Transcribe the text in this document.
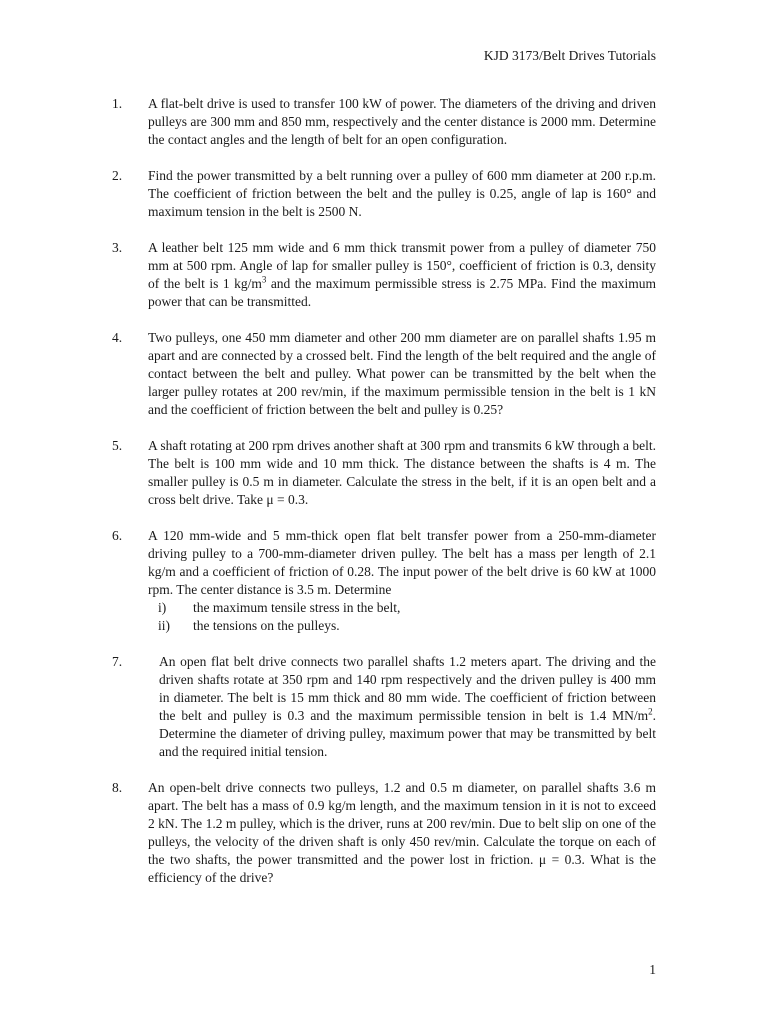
KJD 3173/Belt Drives Tutorials
1.	A flat-belt drive is used to transfer 100 kW of power. The diameters of the driving and driven pulleys are 300 mm and 850 mm, respectively and the center distance is 2000 mm. Determine the contact angles and the length of belt for an open configuration.
2.	Find the power transmitted by a belt running over a pulley of 600 mm diameter at 200 r.p.m. The coefficient of friction between the belt and the pulley is 0.25, angle of lap is 160° and maximum tension in the belt is 2500 N.
3.	A leather belt 125 mm wide and 6 mm thick transmit power from a pulley of diameter 750 mm at 500 rpm. Angle of lap for smaller pulley is 150°, coefficient of friction is 0.3, density of the belt is 1 $kg/m^3$ and the maximum permissible stress is 2.75 MPa. Find the maximum power that can be transmitted.
4.	Two pulleys, one 450 mm diameter and other 200 mm diameter are on parallel shafts 1.95 m apart and are connected by a crossed belt. Find the length of the belt required and the angle of contact between the belt and pulley. What power can be transmitted by the belt when the larger pulley rotates at 200 rev/min, if the maximum permissible tension in the belt is 1 kN and the coefficient of friction between the belt and pulley is 0.25?
5.	A shaft rotating at 200 rpm drives another shaft at 300 rpm and transmits 6 kW through a belt. The belt is 100 mm wide and 10 mm thick. The distance between the shafts is 4 m. The smaller pulley is 0.5 m in diameter. Calculate the stress in the belt, if it is an open belt and a cross belt drive. Take μ = 0.3.
6.	A 120 mm-wide and 5 mm-thick open flat belt transfer power from a 250-mm-diameter driving pulley to a 700-mm-diameter driven pulley. The belt has a mass per length of 2.1 kg/m and a coefficient of friction of 0.28. The input power of the belt drive is 60 kW at 1000 rpm. The center distance is 3.5 m. Determine
i)	the maximum tensile stress in the belt,
ii)	the tensions on the pulleys.
7.	An open flat belt drive connects two parallel shafts 1.2 meters apart. The driving and the driven shafts rotate at 350 rpm and 140 rpm respectively and the driven pulley is 400 mm in diameter. The belt is 15 mm thick and 80 mm wide. The coefficient of friction between the belt and pulley is 0.3 and the maximum permissible tension in belt is 1.4 $MN/m^2$. Determine the diameter of driving pulley, maximum power that may be transmitted by belt and the required initial tension.
8.	An open-belt drive connects two pulleys, 1.2 and 0.5 m diameter, on parallel shafts 3.6 m apart. The belt has a mass of 0.9 kg/m length, and the maximum tension in it is not to exceed 2 kN. The 1.2 m pulley, which is the driver, runs at 200 rev/min. Due to belt slip on one of the pulleys, the velocity of the driven shaft is only 450 rev/min. Calculate the torque on each of the two shafts, the power transmitted and the power lost in friction. μ = 0.3. What is the efficiency of the drive?
1
